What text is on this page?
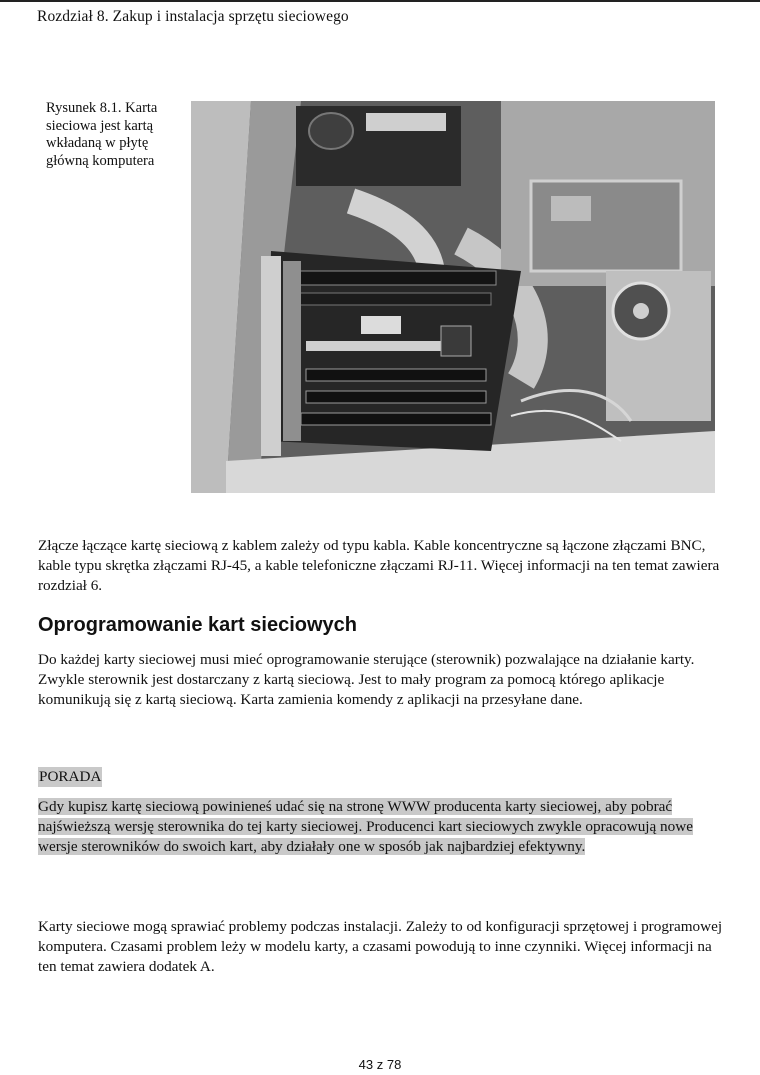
Rozdział 8. Zakup i instalacja sprzętu sieciowego
Rysunek 8.1. Karta sieciowa jest kartą wkładaną w płytę główną komputera
Złącze łączące kartę sieciową z kablem zależy od typu kabla. Kable koncentryczne są łączone złączami BNC, kable typu skrętka złączami RJ-45, a kable telefoniczne złączami RJ-11. Więcej informacji na ten temat zawiera rozdział 6.
Oprogramowanie kart sieciowych
Do każdej karty sieciowej musi mieć oprogramowanie sterujące (sterownik) pozwalające na działanie karty. Zwykle sterownik jest dostarczany z kartą sieciową. Jest to mały program za pomocą którego aplikacje komunikują się z kartą sieciową. Karta zamienia komendy z aplikacji na przesyłane dane.
PORADA
Gdy kupisz kartę sieciową powinieneś udać się na stronę WWW producenta karty sieciowej, aby pobrać najświeższą wersję sterownika do tej karty sieciowej. Producenci kart sieciowych zwykle opracowują nowe wersje sterowników do swoich kart, aby działały one w sposób jak najbardziej efektywny.
Karty sieciowe mogą sprawiać problemy podczas instalacji. Zależy to od konfiguracji sprzętowej i programowej komputera. Czasami problem leży w modelu karty, a czasami powodują to inne czynniki. Więcej informacji na ten temat zawiera dodatek A.
43 z 78
